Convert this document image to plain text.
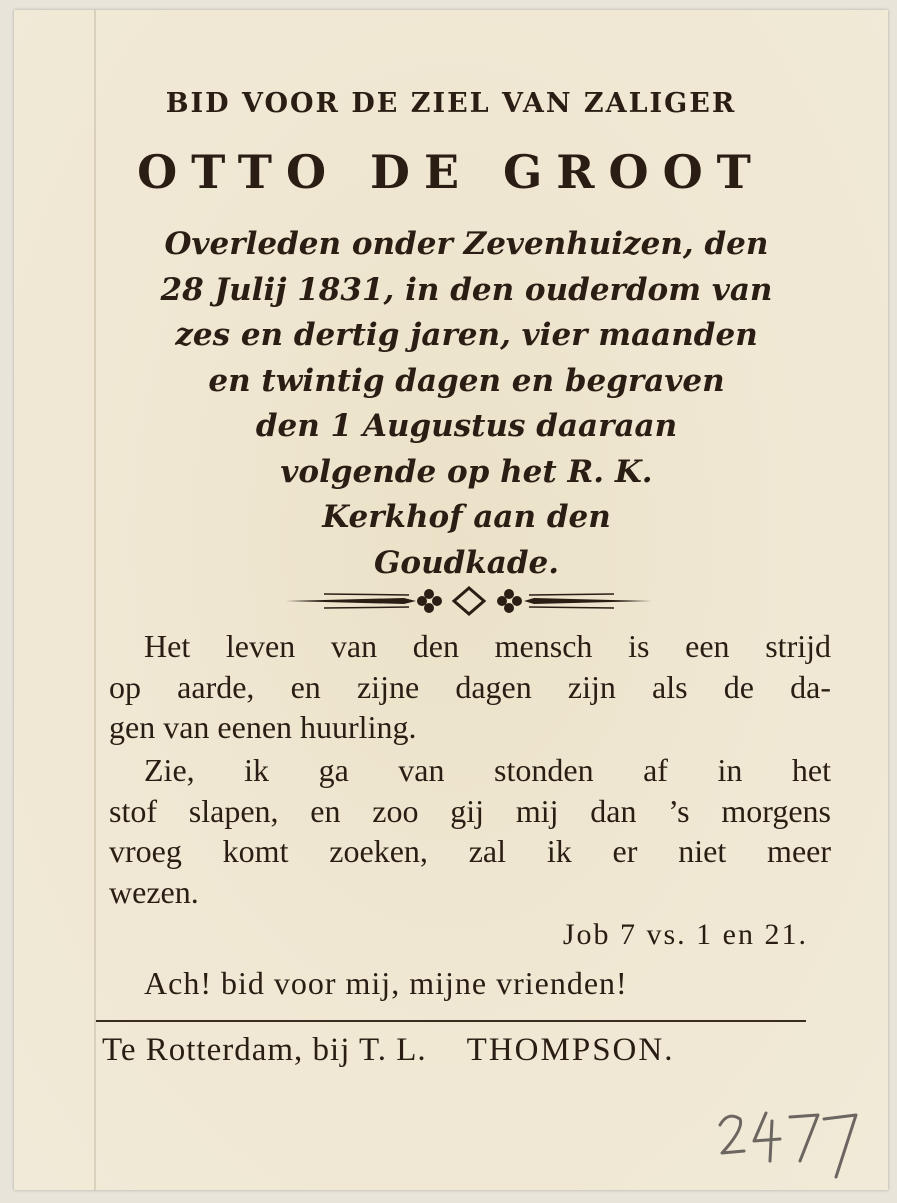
BID VOOR DE ZIEL VAN ZALIGER
OTTO DE GROOT
Overleden onder Zevenhuizen, den
28 Julij 1831, in den ouderdom van
zes en dertig jaren, vier maanden
en twintig dagen en begraven
den 1 Augustus daaraan
volgende op het R. K.
Kerkhof aan den
Goudkade.
Het leven van den mensch is een strijd
op aarde, en zijne dagen zijn als de da-
gen van eenen huurling.
Zie, ik ga van stonden af in het
stof slapen, en zoo gij mij dan ’s morgens
vroeg komt zoeken, zal ik er niet meer
wezen.
Job 7 vs. 1 en 21.
Ach! bid voor mij, mijne vrienden!
Te Rotterdam, bij T. L. THOMPSON.
